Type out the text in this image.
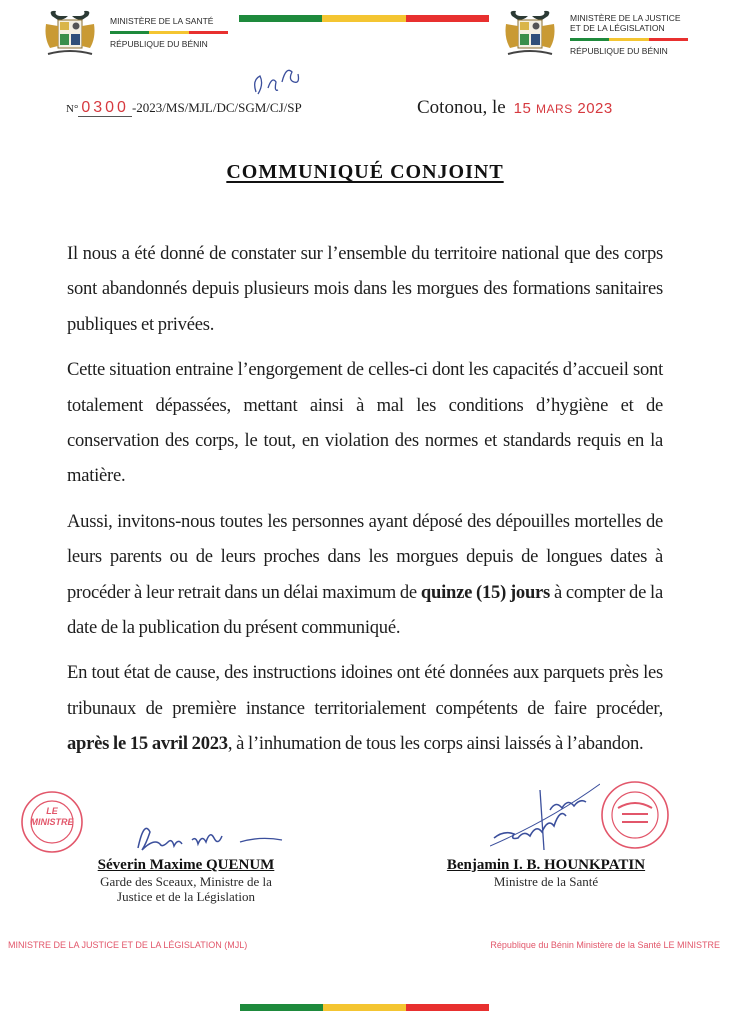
MINISTÈRE DE LA SANTÉ
RÉPUBLIQUE DU BÉNIN
MINISTÈRE DE LA JUSTICE
ET DE LA LÉGISLATION
RÉPUBLIQUE DU BÉNIN
N° 0300 -2023/MS/MJL/DC/SGM/CJ/SP	Cotonou, le 15 MARS 2023
COMMUNIQUÉ CONJOINT

Il nous a été donné de constater sur l’ensemble du territoire national que des corps sont abandonnés depuis plusieurs mois dans les morgues des formations sanitaires publiques et privées.

Cette situation entraine l’engorgement de celles-ci dont les capacités d’accueil sont totalement dépassées, mettant ainsi à mal les conditions d’hygiène et de conservation des corps, le tout, en violation des normes et standards requis en la matière.

Aussi, invitons-nous toutes les personnes ayant déposé des dépouilles mortelles de leurs parents ou de leurs proches dans les morgues depuis de longues dates à procéder à leur retrait dans un délai maximum de quinze (15) jours à compter de la date de la publication du présent communiqué.

En tout état de cause, des instructions idoines ont été données aux parquets près les tribunaux de première instance territorialement compétents de faire procéder, après le 15 avril 2023, à l’inhumation de tous les corps ainsi laissés à l’abandon.

MINISTRE DE LA JUSTICE ET DE LA LÉGISLATION (MJL)
LE
MINISTRE
Séverin Maxime QUENUM
Garde des Sceaux, Ministre de la
Justice et de la Législation
République du Bénin Ministère de la Santé LE MINISTRE
Benjamin I. B. HOUNKPATIN
Ministre de la Santé
